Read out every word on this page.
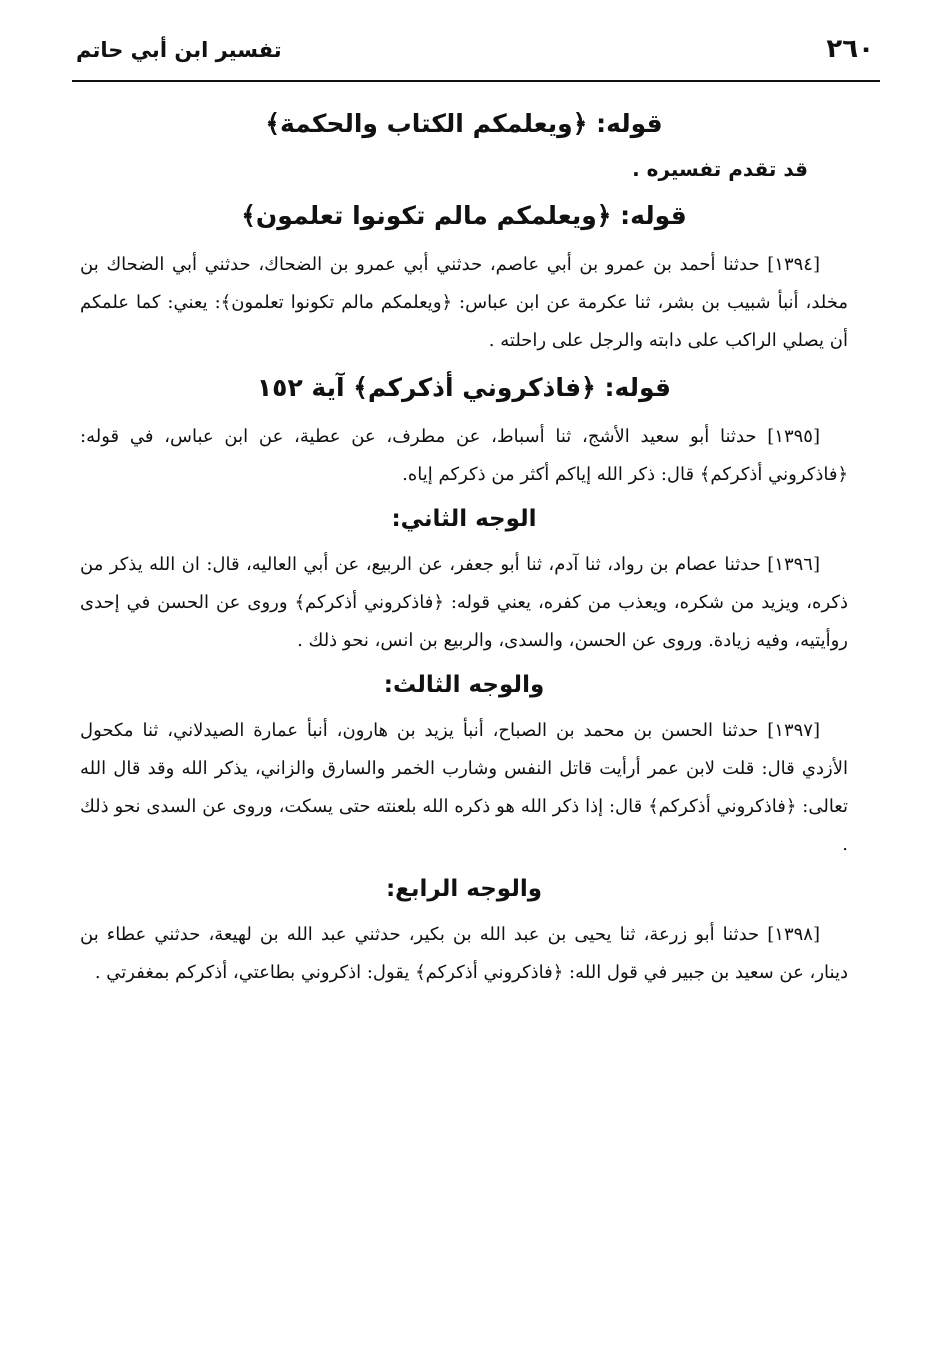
٢٦٠
تفسير ابن أبي حاتم
قوله: ﴿ويعلمكم الكتاب والحكمة﴾
قد تقدم تفسيره .
قوله: ﴿ويعلمكم مالم تكونوا تعلمون﴾

[١٣٩٤] حدثنا أحمد بن عمرو بن أبي عاصم، حدثني أبي عمرو بن الضحاك، حدثني أبي الضحاك بن مخلد، أنبأ شبيب بن بشر، ثنا عكرمة عن ابن عباس: ﴿ويعلمكم مالم تكونوا تعلمون﴾: يعني: كما علمكم أن يصلي الراكب على دابته والرجل على راحلته .

قوله: ﴿فاذكروني أذكركم﴾ آية ١٥٢

[١٣٩٥] حدثنا أبو سعيد الأشج، ثنا أسباط، عن مطرف، عن عطية، عن ابن عباس، في قوله: ﴿فاذكروني أذكركم﴾ قال: ذكر الله إياكم أكثر من ذكركم إياه.

الوجه الثاني:

[١٣٩٦] حدثنا عصام بن رواد، ثنا آدم، ثنا أبو جعفر، عن الربيع، عن أبي العاليه، قال: ان الله يذكر من ذكره، ويزيد من شكره، ويعذب من كفره، يعني قوله: ﴿فاذكروني أذكركم﴾ وروى عن الحسن في إحدى روأيتيه، وفيه زيادة. وروى عن الحسن، والسدى، والربيع بن انس، نحو ذلك .

والوجه الثالث:

[١٣٩٧] حدثنا الحسن بن محمد بن الصباح، أنبأ يزيد بن هارون، أنبأ عمارة الصيدلاني، ثنا مكحول الأزدي قال: قلت لابن عمر أرأيت قاتل النفس وشارب الخمر والسارق والزاني، يذكر الله وقد قال الله تعالى: ﴿فاذكروني أذكركم﴾ قال: إذا ذكر الله هو ذكره الله بلعنته حتى يسكت، وروى عن السدى نحو ذلك .

والوجه الرابع:

[١٣٩٨] حدثنا أبو زرعة، ثنا يحيى بن عبد الله بن بكير، حدثني عبد الله بن لهيعة، حدثني عطاء بن دينار، عن سعيد بن جبير في قول الله: ﴿فاذكروني أذكركم﴾ يقول: اذكروني بطاعتي، أذكركم بمغفرتي .
